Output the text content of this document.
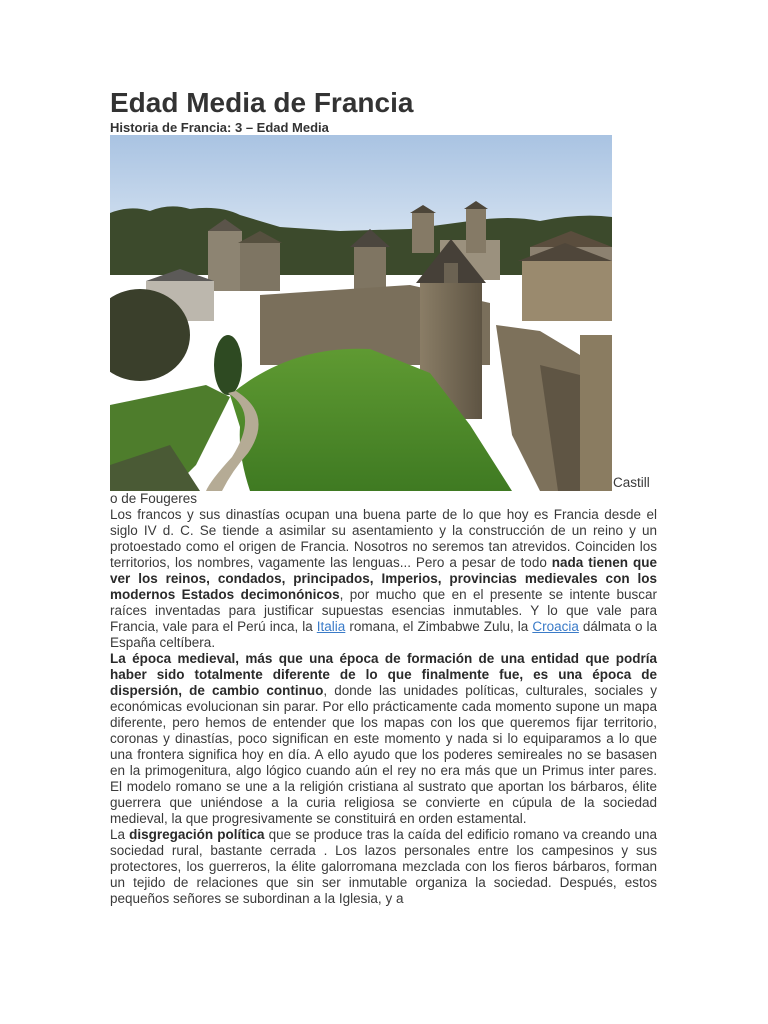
Edad Media de Francia
Historia de Francia: 3 – Edad Media
Castill

o de Fougeres

Los francos y sus dinastías ocupan una buena parte de lo que hoy es Francia desde el siglo IV d. C. Se tiende a asimilar su asentamiento y la construcción de un reino y un protoestado como el origen de Francia. Nosotros no seremos tan atrevidos. Coinciden los territorios, los nombres, vagamente las lenguas... Pero a pesar de todo nada tienen que ver los reinos, condados, principados, Imperios, provincias medievales con los modernos Estados decimonónicos, por mucho que en el presente se intente buscar raíces inventadas para justificar supuestas esencias inmutables. Y lo que vale para Francia, vale para el Perú inca, la Italia romana, el Zimbabwe Zulu, la Croacia dálmata o la España celtíbera.

La época medieval, más que una época de formación de una entidad que podría haber sido totalmente diferente de lo que finalmente fue, es una época de dispersión, de cambio continuo, donde las unidades políticas, culturales, sociales y económicas evolucionan sin parar. Por ello prácticamente cada momento supone un mapa diferente, pero hemos de entender que los mapas con los que queremos fijar territorio, coronas y dinastías, poco significan en este momento y nada si lo equiparamos a lo que una frontera significa hoy en día. A ello ayudo que los poderes semireales no se basasen en la primogenitura, algo lógico cuando aún el rey no era más que un Primus inter pares. El modelo romano se une a la religión cristiana al sustrato que aportan los bárbaros, élite guerrera que uniéndose a la curia religiosa se convierte en cúpula de la sociedad medieval, la que progresivamente se constituirá en orden estamental.

La disgregación política que se produce tras la caída del edificio romano va creando una sociedad rural, bastante cerrada . Los lazos personales entre los campesinos y sus protectores, los guerreros, la élite galorromana mezclada con los fieros bárbaros, forman un tejido de relaciones que sin ser inmutable organiza la sociedad. Después, estos pequeños señores se subordinan a la Iglesia, y a
